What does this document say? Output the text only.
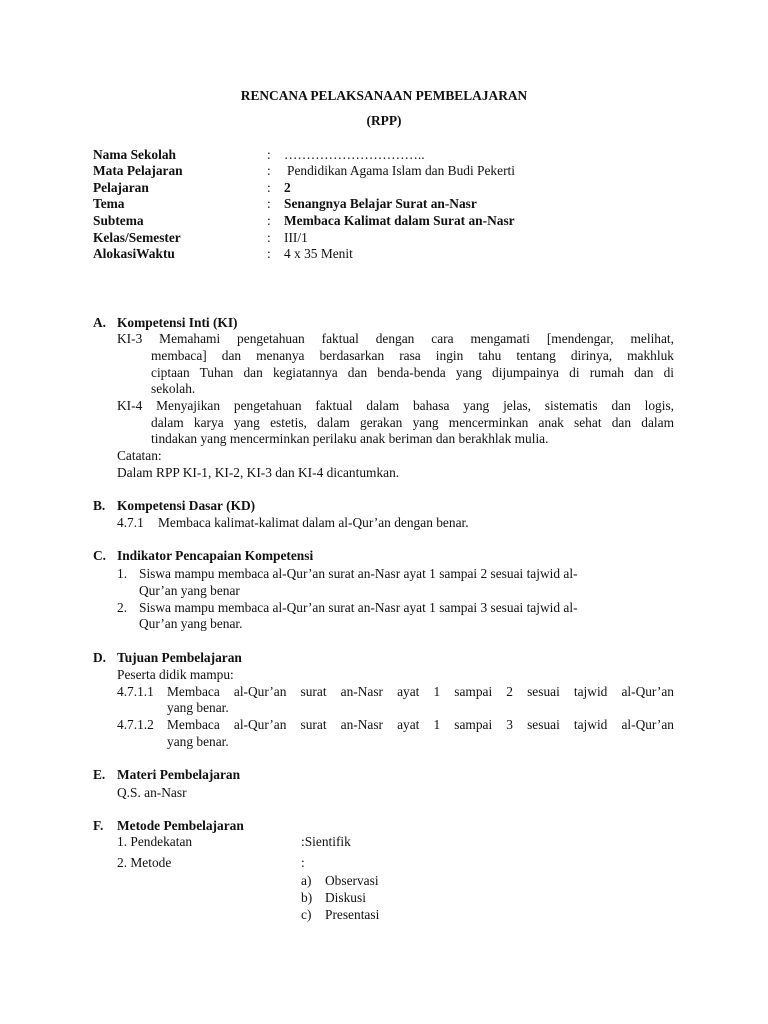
RENCANA PELAKSANAAN PEMBELAJARAN
(RPP)
Nama Sekolah	: …………………………..
Mata Pelajaran	: Pendidikan Agama Islam dan Budi Pekerti
Pelajaran	: 2
Tema	: Senangnya Belajar Surat an-Nasr
Subtema	: Membaca Kalimat dalam Surat an-Nasr
Kelas/Semester	: III/1
AlokasiWaktu	: 4 x 35 Menit
A. Kompetensi Inti (KI)
KI-3 Memahami pengetahuan faktual dengan cara mengamati [mendengar, melihat,
membaca] dan menanya berdasarkan rasa ingin tahu tentang dirinya, makhluk
ciptaan Tuhan dan kegiatannya dan benda-benda yang dijumpainya di rumah dan di
sekolah.
KI-4 Menyajikan pengetahuan faktual dalam bahasa yang jelas, sistematis dan logis,
dalam karya yang estetis, dalam gerakan yang mencerminkan anak sehat dan dalam
tindakan yang mencerminkan perilaku anak beriman dan berakhlak mulia.
Catatan:
Dalam RPP KI-1, KI-2, KI-3 dan KI-4 dicantumkan.
B. Kompetensi Dasar (KD)
4.7.1 Membaca kalimat-kalimat dalam al-Qur’an dengan benar.
C. Indikator Pencapaian Kompetensi
1. Siswa mampu membaca al-Qur’an surat an-Nasr ayat 1 sampai 2 sesuai tajwid al-
Qur’an yang benar
2. Siswa mampu membaca al-Qur’an surat an-Nasr ayat 1 sampai 3 sesuai tajwid al-
Qur’an yang benar.
D. Tujuan Pembelajaran
Peserta didik mampu:
4.7.1.1 Membaca al-Qur’an surat an-Nasr ayat 1 sampai 2 sesuai tajwid al-Qur’an
yang benar.
4.7.1.2 Membaca al-Qur’an surat an-Nasr ayat 1 sampai 3 sesuai tajwid al-Qur’an
yang benar.
E. Materi Pembelajaran
Q.S. an-Nasr
F. Metode Pembelajaran
1. Pendekatan	:Sientifik
2. Metode	:
a) Observasi
b) Diskusi
c) Presentasi
